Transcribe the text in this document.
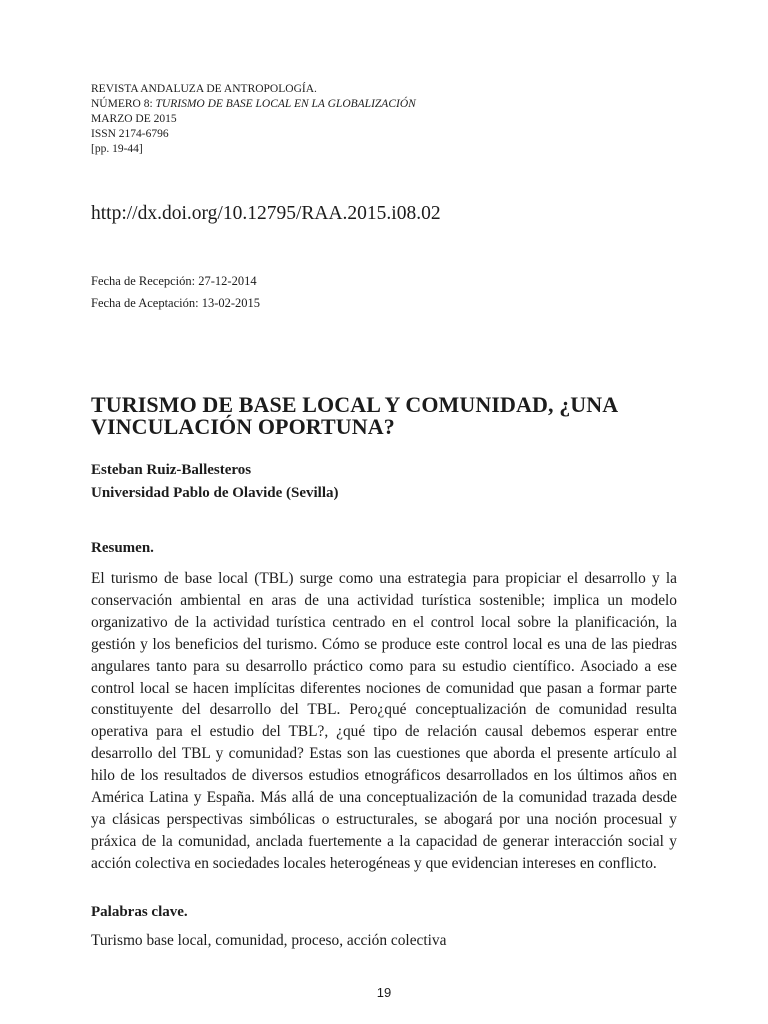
REVISTA ANDALUZA DE ANTROPOLOGÍA.
NÚMERO 8: TURISMO DE BASE LOCAL EN LA GLOBALIZACIÓN
MARZO DE 2015
ISSN 2174-6796
[pp. 19-44]
http://dx.doi.org/10.12795/RAA.2015.i08.02
Fecha de Recepción: 27-12-2014
Fecha de Aceptación: 13-02-2015
TURISMO DE BASE LOCAL Y COMUNIDAD, ¿UNA VINCULACIÓN OPORTUNA?
Esteban Ruiz-Ballesteros
Universidad Pablo de Olavide (Sevilla)
Resumen.

El turismo de base local (TBL) surge como una estrategia para propiciar el desarrollo y la conservación ambiental en aras de una actividad turística sostenible; implica un modelo organizativo de la actividad turística centrado en el control local sobre la planificación, la gestión y los beneficios del turismo. Cómo se produce este control local es una de las piedras angulares tanto para su desarrollo práctico como para su estudio científico. Asociado a ese control local se hacen implícitas diferentes nociones de comunidad que pasan a formar parte constituyente del desarrollo del TBL. Pero¿qué conceptualización de comunidad resulta operativa para el estudio del TBL?, ¿qué tipo de relación causal debemos esperar entre desarrollo del TBL y comunidad? Estas son las cuestiones que aborda el presente artículo al hilo de los resultados de diversos estudios etnográficos desarrollados en los últimos años en América Latina y España. Más allá de una conceptualización de la comunidad trazada desde ya clásicas perspectivas simbólicas o estructurales, se abogará por una noción procesual y práxica de la comunidad, anclada fuertemente a la capacidad de generar interacción social y acción colectiva en sociedades locales heterogéneas y que evidencian intereses en conflicto.

Palabras clave.
Turismo base local, comunidad, proceso, acción colectiva
19
